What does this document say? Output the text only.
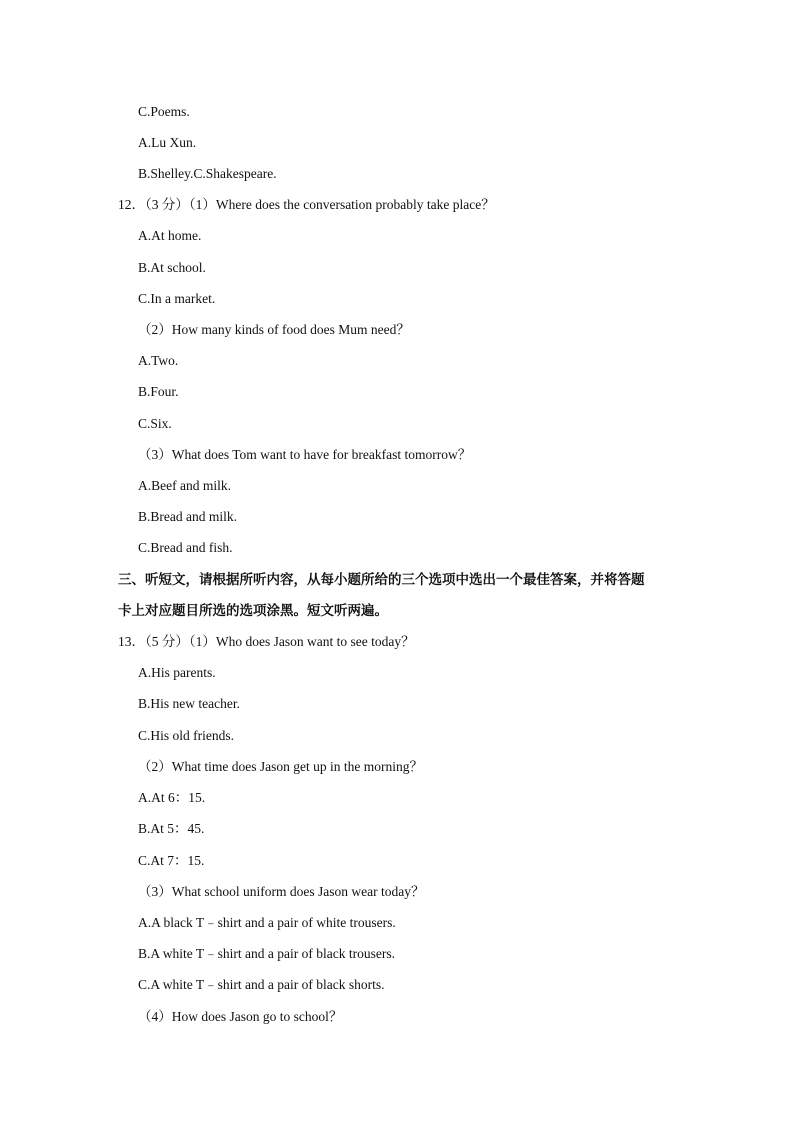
C.Poems.
A.Lu Xun.
B.Shelley.C.Shakespeare.
12．（3 分）（1）Where does the conversation probably take place？
A.At home.
B.At school.
C.In a market.
（2）How many kinds of food does Mum need？
A.Two.
B.Four.
C.Six.
（3）What does Tom want to have for breakfast tomorrow？
A.Beef and milk.
B.Bread and milk.
C.Bread and fish.
三、听短文，请根据所听内容，从每小题所给的三个选项中选出一个最佳答案，并将答题
卡上对应题目所选的选项涂黑。短文听两遍。
13．（5 分）（1）Who does Jason want to see today？
A.His parents.
B.His new teacher.
C.His old friends.
（2）What time does Jason get up in the morning？
A.At 6：15.
B.At 5：45.
C.At 7：15.
（3）What school uniform does Jason wear today？
A.A black T﹣shirt and a pair of white trousers.
B.A white T﹣shirt and a pair of black trousers.
C.A white T﹣shirt and a pair of black shorts.
（4）How does Jason go to school？
